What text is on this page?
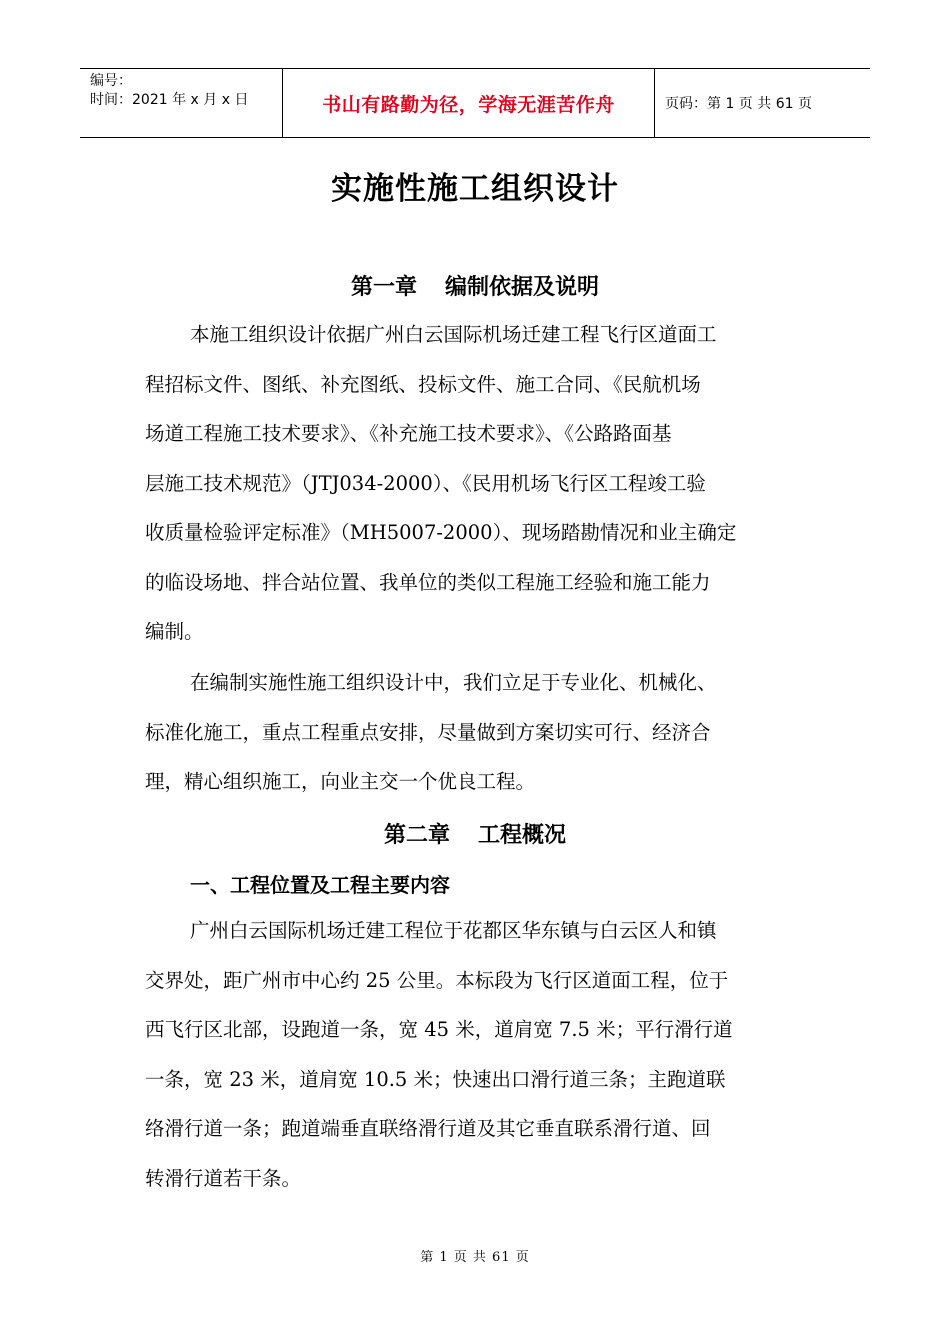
编号：
时间：2021 年 x 月 x 日	书山有路勤为径，学海无涯苦作舟	页码：第 1 页 共 61 页
实施性施工组织设计
第一章 编制依据及说明
本施工组织设计依据广州白云国际机场迁建工程飞行区道面工
程招标文件、图纸、补充图纸、投标文件、施工合同、《民航机场
场道工程施工技术要求》、《补充施工技术要求》、《公路路面基
层施工技术规范》（JTJ034-2000）、《民用机场飞行区工程竣工验
收质量检验评定标准》（MH5007-2000）、现场踏勘情况和业主确定
的临设场地、拌合站位置、我单位的类似工程施工经验和施工能力
编制。
在编制实施性施工组织设计中，我们立足于专业化、机械化、
标准化施工，重点工程重点安排，尽量做到方案切实可行、经济合
理，精心组织施工，向业主交一个优良工程。
第二章 工程概况
一、工程位置及工程主要内容
广州白云国际机场迁建工程位于花都区华东镇与白云区人和镇
交界处，距广州市中心约 25 公里。本标段为飞行区道面工程，位于
西飞行区北部，设跑道一条，宽 45 米，道肩宽 7.5 米；平行滑行道
一条，宽 23 米，道肩宽 10.5 米；快速出口滑行道三条；主跑道联
络滑行道一条；跑道端垂直联络滑行道及其它垂直联系滑行道、回
转滑行道若干条。
第 1 页 共 61 页
